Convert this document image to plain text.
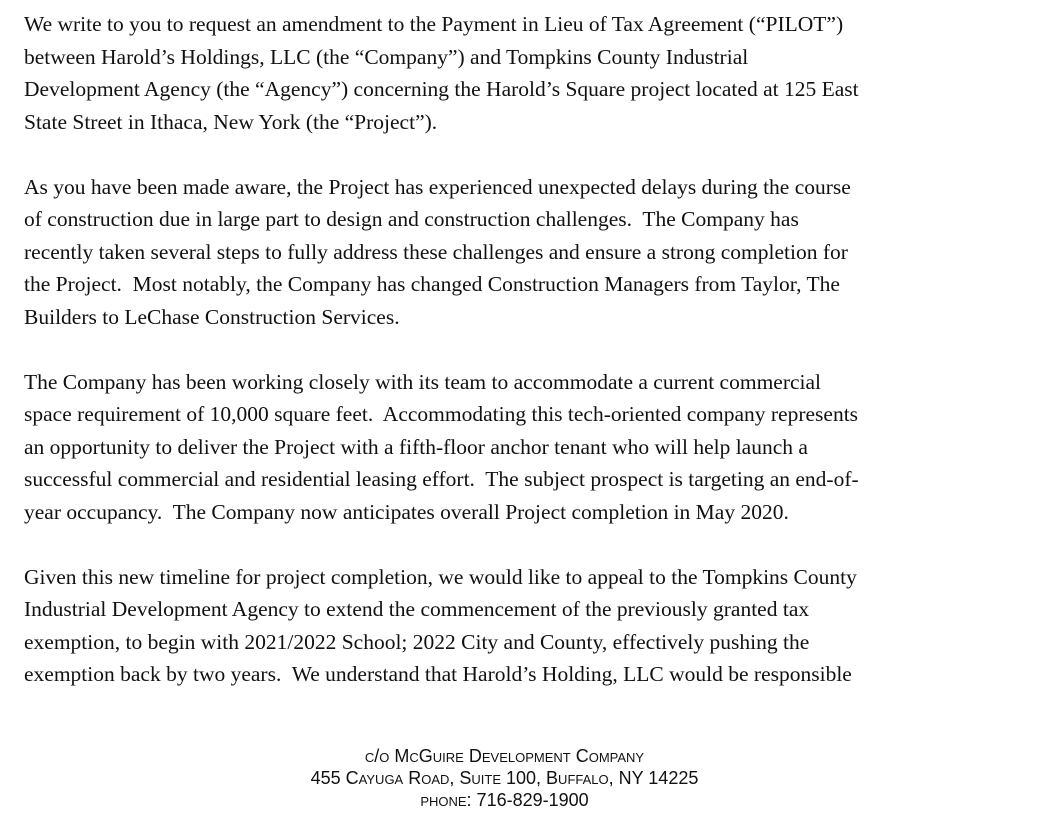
We write to you to request an amendment to the Payment in Lieu of Tax Agreement (“PILOT”)
between Harold’s Holdings, LLC (the “Company”) and Tompkins County Industrial
Development Agency (the “Agency”) concerning the Harold’s Square project located at 125 East
State Street in Ithaca, New York (the “Project”).

As you have been made aware, the Project has experienced unexpected delays during the course
of construction due in large part to design and construction challenges.  The Company has
recently taken several steps to fully address these challenges and ensure a strong completion for
the Project.  Most notably, the Company has changed Construction Managers from Taylor, The
Builders to LeChase Construction Services.

The Company has been working closely with its team to accommodate a current commercial
space requirement of 10,000 square feet.  Accommodating this tech-oriented company represents
an opportunity to deliver the Project with a fifth-floor anchor tenant who will help launch a
successful commercial and residential leasing effort.  The subject prospect is targeting an end-of-
year occupancy.  The Company now anticipates overall Project completion in May 2020.

Given this new timeline for project completion, we would like to appeal to the Tompkins County
Industrial Development Agency to extend the commencement of the previously granted tax
exemption, to begin with 2021/2022 School; 2022 City and County, effectively pushing the
exemption back by two years.  We understand that Harold’s Holding, LLC would be responsible

c/o McGuire Development Company
455 Cayuga Road, Suite 100, Buffalo, NY 14225
phone: 716-829-1900
